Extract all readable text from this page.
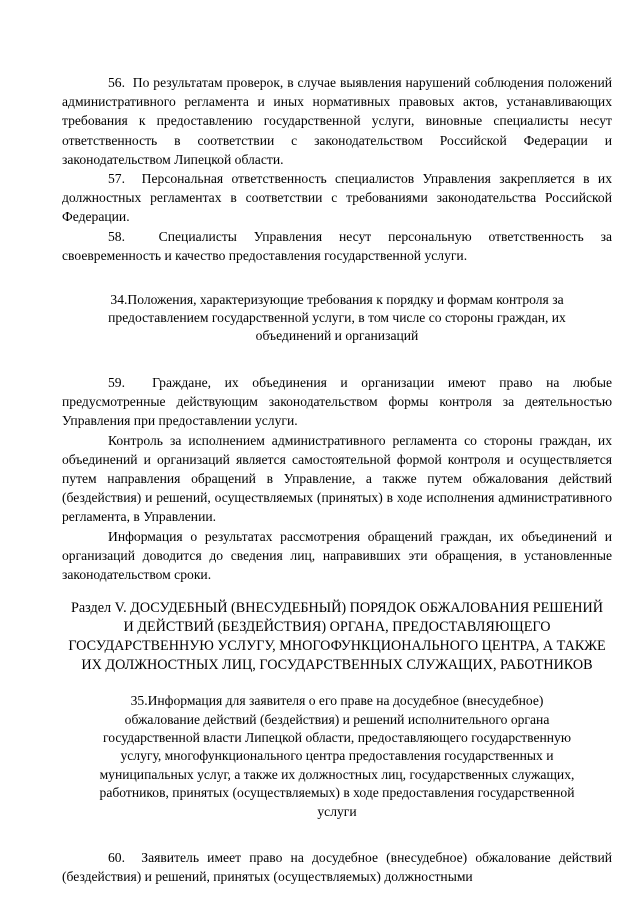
56.  По результатам проверок, в случае выявления нарушений соблюдения положений административного регламента и иных нормативных правовых актов, устанавливающих требования к предоставлению государственной услуги, виновные специалисты несут ответственность в соответствии с законодательством Российской Федерации и законодательством Липецкой области.

57.  Персональная ответственность специалистов Управления закрепляется в их должностных регламентах в соответствии с требованиями законодательства Российской Федерации.

58.  Специалисты Управления несут персональную ответственность за своевременность и качество предоставления государственной услуги.

34.Положения, характеризующие требования к порядку и формам контроля за предоставлением государственной услуги, в том числе со стороны граждан, их объединений и организаций

59.  Граждане, их объединения и организации имеют право на любые предусмотренные действующим законодательством формы контроля за деятельностью Управления при предоставлении услуги.

Контроль за исполнением административного регламента со стороны граждан, их объединений и организаций является самостоятельной формой контроля и осуществляется путем направления обращений в Управление, а также путем обжалования действий (бездействия) и решений, осуществляемых (принятых) в ходе исполнения административного регламента, в Управлении.

Информация о результатах рассмотрения обращений граждан, их объединений и организаций доводится до сведения лиц, направивших эти обращения, в установленные законодательством сроки.

Раздел V. ДОСУДЕБНЫЙ (ВНЕСУДЕБНЫЙ) ПОРЯДОК ОБЖАЛОВАНИЯ РЕШЕНИЙ И ДЕЙСТВИЙ (БЕЗДЕЙСТВИЯ) ОРГАНА, ПРЕДОСТАВЛЯЮЩЕГО ГОСУДАРСТВЕННУЮ УСЛУГУ, МНОГОФУНКЦИОНАЛЬНОГО ЦЕНТРА, А ТАКЖЕ ИХ ДОЛЖНОСТНЫХ ЛИЦ, ГОСУДАРСТВЕННЫХ СЛУЖАЩИХ, РАБОТНИКОВ

35.Информация для заявителя о его праве на досудебное (внесудебное) обжалование действий (бездействия) и решений исполнительного органа государственной власти Липецкой области, предоставляющего государственную услугу, многофункционального центра предоставления государственных и муниципальных услуг, а также их должностных лиц, государственных служащих, работников, принятых (осуществляемых) в ходе предоставления государственной услуги

60.  Заявитель имеет право на досудебное (внесудебное) обжалование действий (бездействия) и решений, принятых (осуществляемых) должностными
